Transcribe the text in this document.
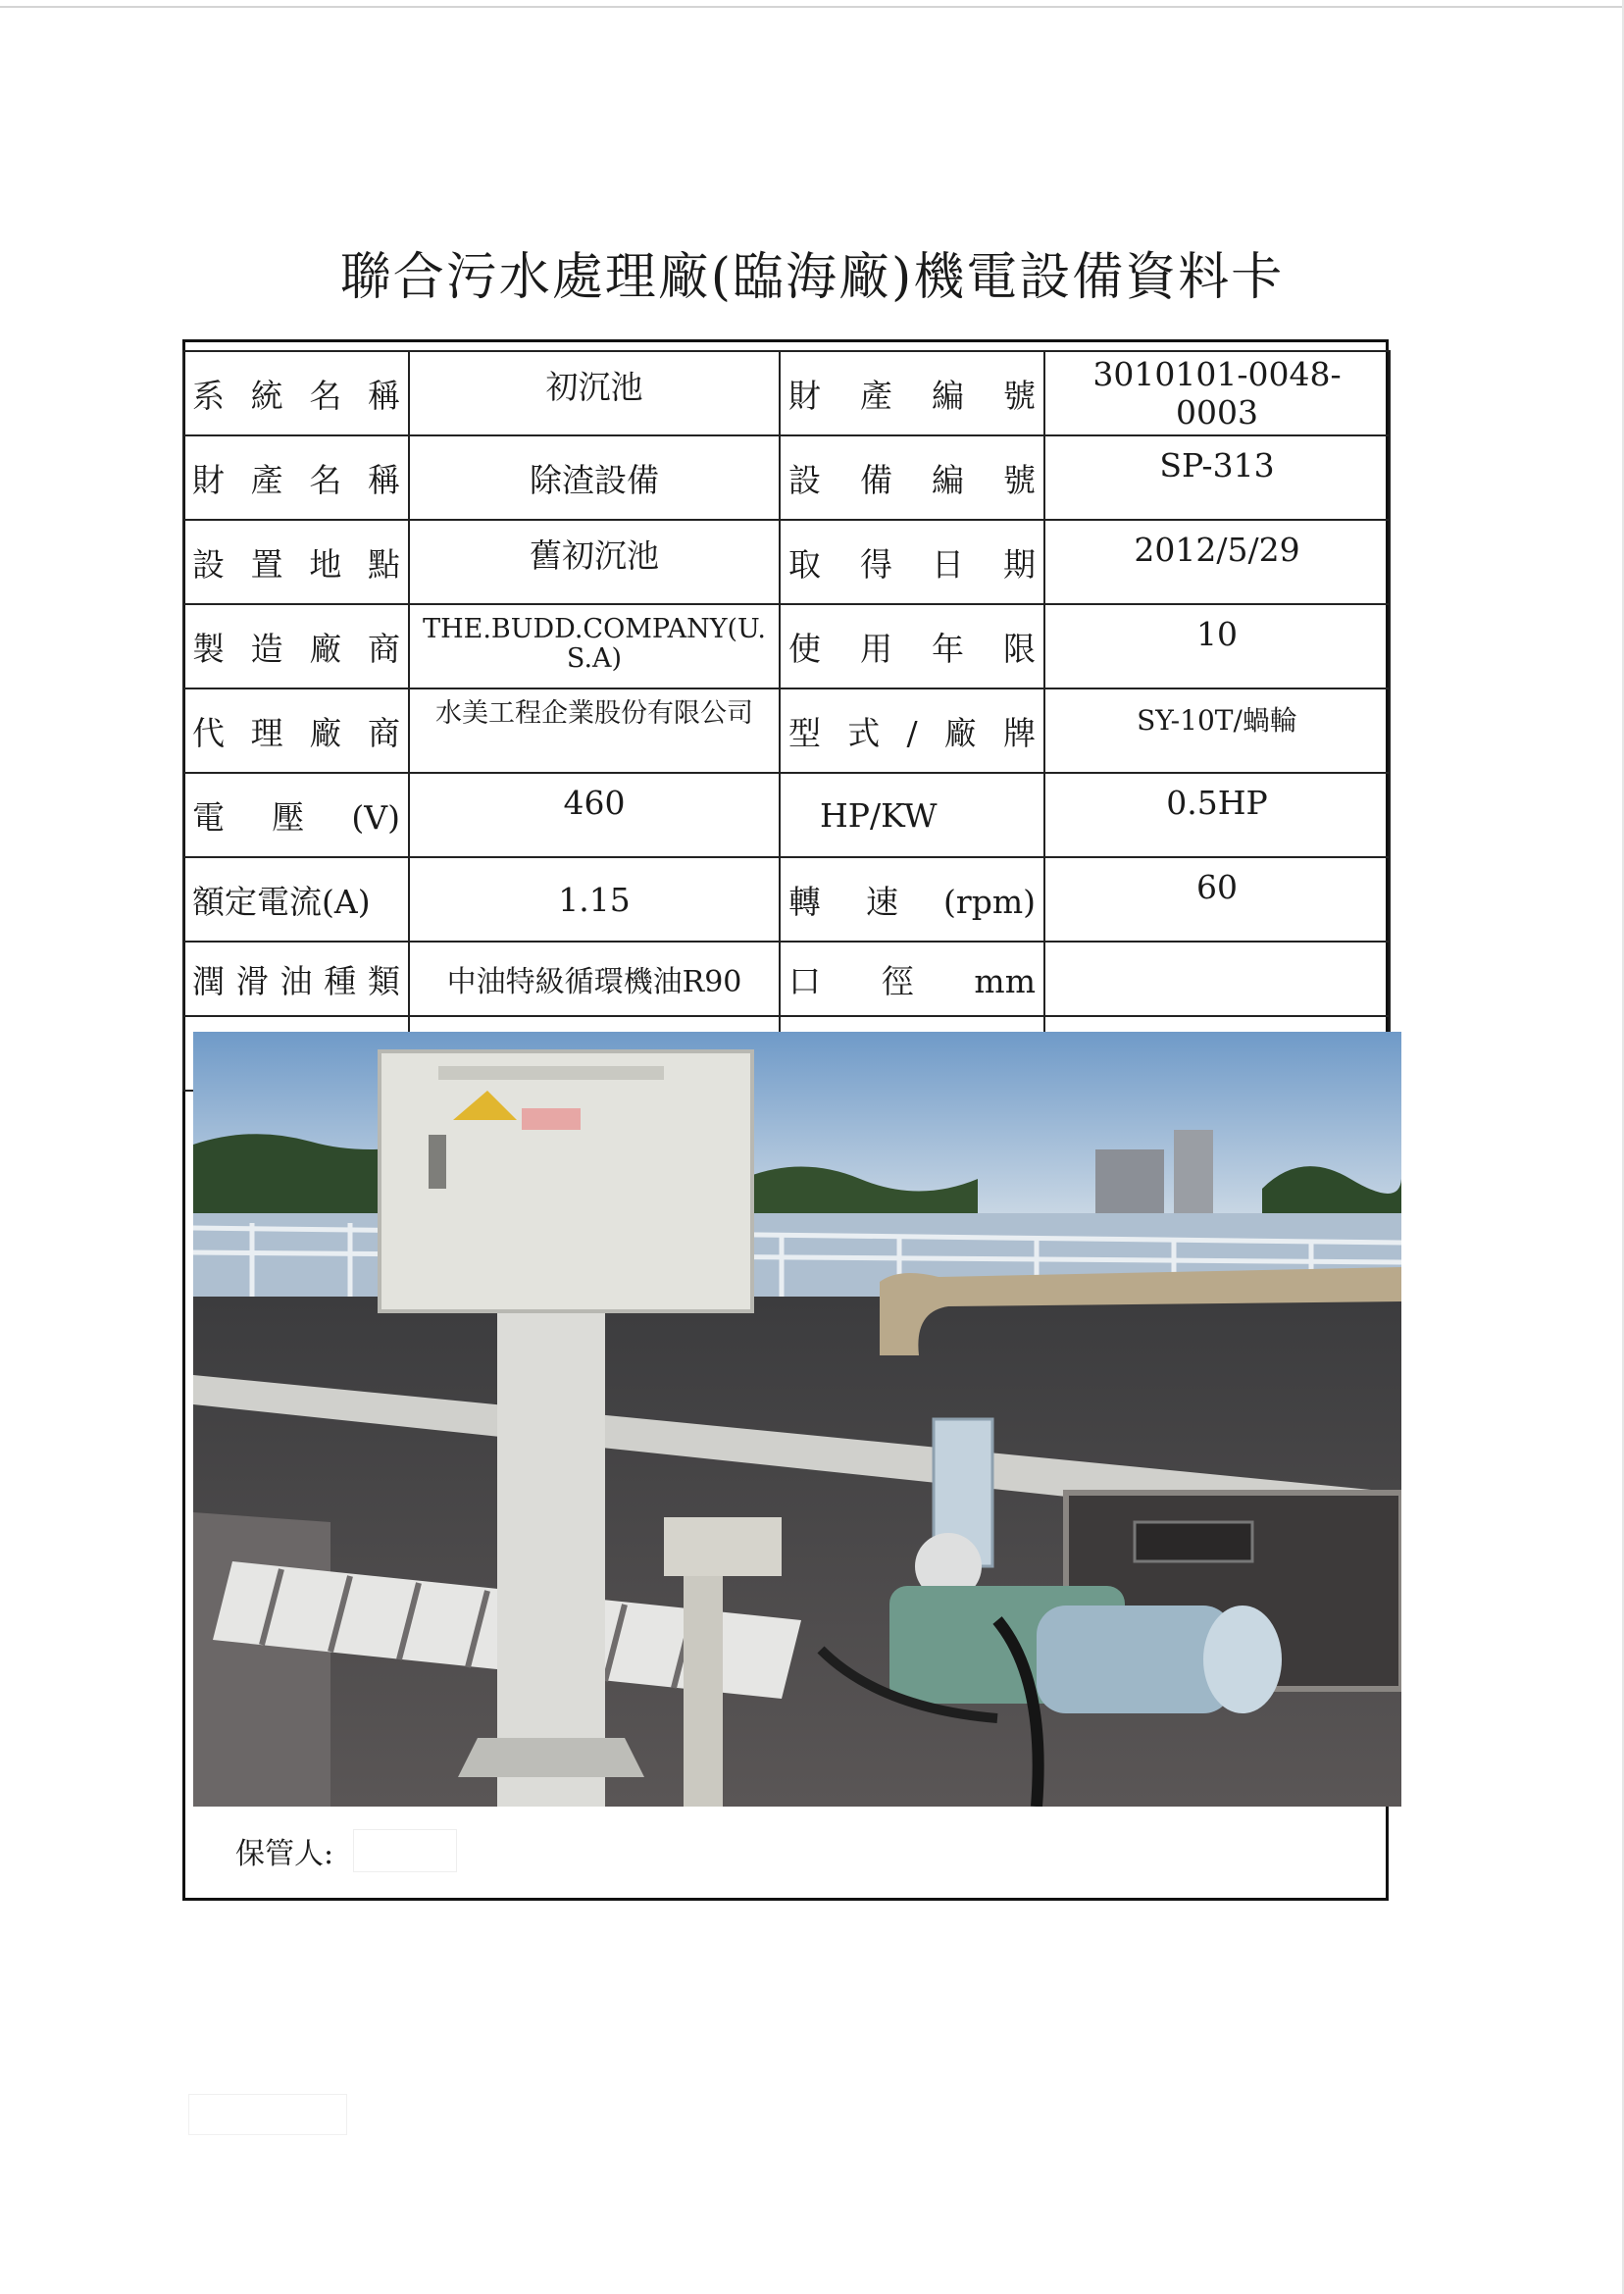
聯合污水處理廠(臨海廠)機電設備資料卡
系統名稱	初沉池	財產編號	3010101-0048-0003
財產名稱	除渣設備	設備編號	SP-313
設置地點	舊初沉池	取得日期	2012/5/29
製造廠商	THE.BUDD.COMPANY(U.S.A)	使用年限	10
代理廠商	水美工程企業股份有限公司	型式/廠牌	SY-10T/蝸輪
電壓(V)	460	HP/KW	0.5HP
額定電流(A)	1.15	轉速(rpm)	60
潤滑油種類	中油特級循環機油R90	口徑mm	

保管人:
